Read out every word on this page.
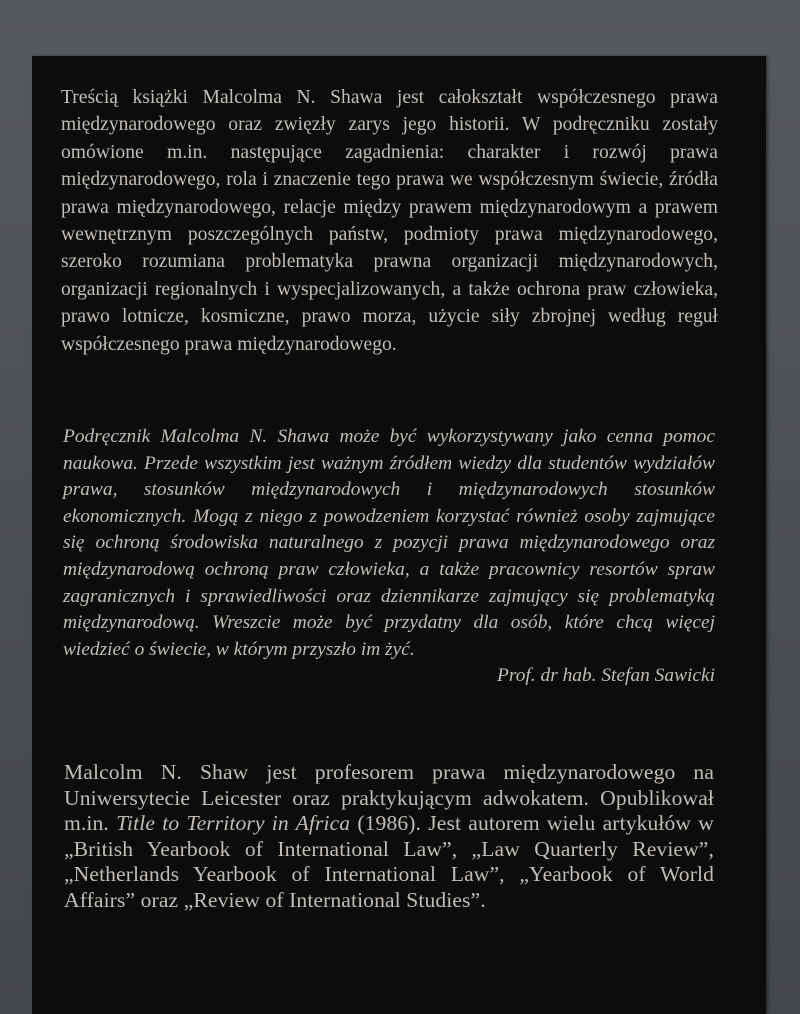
Treścią książki Malcolma N. Shawa jest całokształt współczesnego prawa międzynarodowego oraz zwięzły zarys jego historii. W podręczniku zostały omówione m.in. następujące zagadnienia: charakter i rozwój prawa międzynarodowego, rola i znaczenie tego prawa we współczesnym świecie, źródła prawa międzynarodowego, relacje między prawem międzynarodowym a prawem wewnętrznym poszczególnych państw, podmioty prawa międzynarodowego, szeroko rozumiana problematyka prawna organizacji międzynarodowych, organizacji regionalnych i wyspecjalizowanych, a także ochrona praw człowieka, prawo lotnicze, kosmiczne, prawo morza, użycie siły zbrojnej według reguł współczesnego prawa międzynarodowego.
Podręcznik Malcolma N. Shawa może być wykorzystywany jako cenna pomoc naukowa. Przede wszystkim jest ważnym źródłem wiedzy dla studentów wydziałów prawa, stosunków międzynarodowych i międzynarodowych stosunków ekonomicznych. Mogą z niego z powodzeniem korzystać również osoby zajmujące się ochroną środowiska naturalnego z pozycji prawa międzynarodowego oraz międzynarodową ochroną praw człowieka, a także pracownicy resortów spraw zagranicznych i sprawiedliwości oraz dziennikarze zajmujący się problematyką międzynarodową. Wreszcie może być przydatny dla osób, które chcą więcej wiedzieć o świecie, w którym przyszło im żyć.
Prof. dr hab. Stefan Sawicki
Malcolm N. Shaw jest profesorem prawa międzynarodowego na Uniwersytecie Leicester oraz praktykującym adwokatem. Opublikował m.in. Title to Territory in Africa (1986). Jest autorem wielu artykułów w „British Yearbook of International Law”, „Law Quarterly Review”, „Netherlands Yearbook of International Law”, „Yearbook of World Affairs” oraz „Review of International Studies”.
